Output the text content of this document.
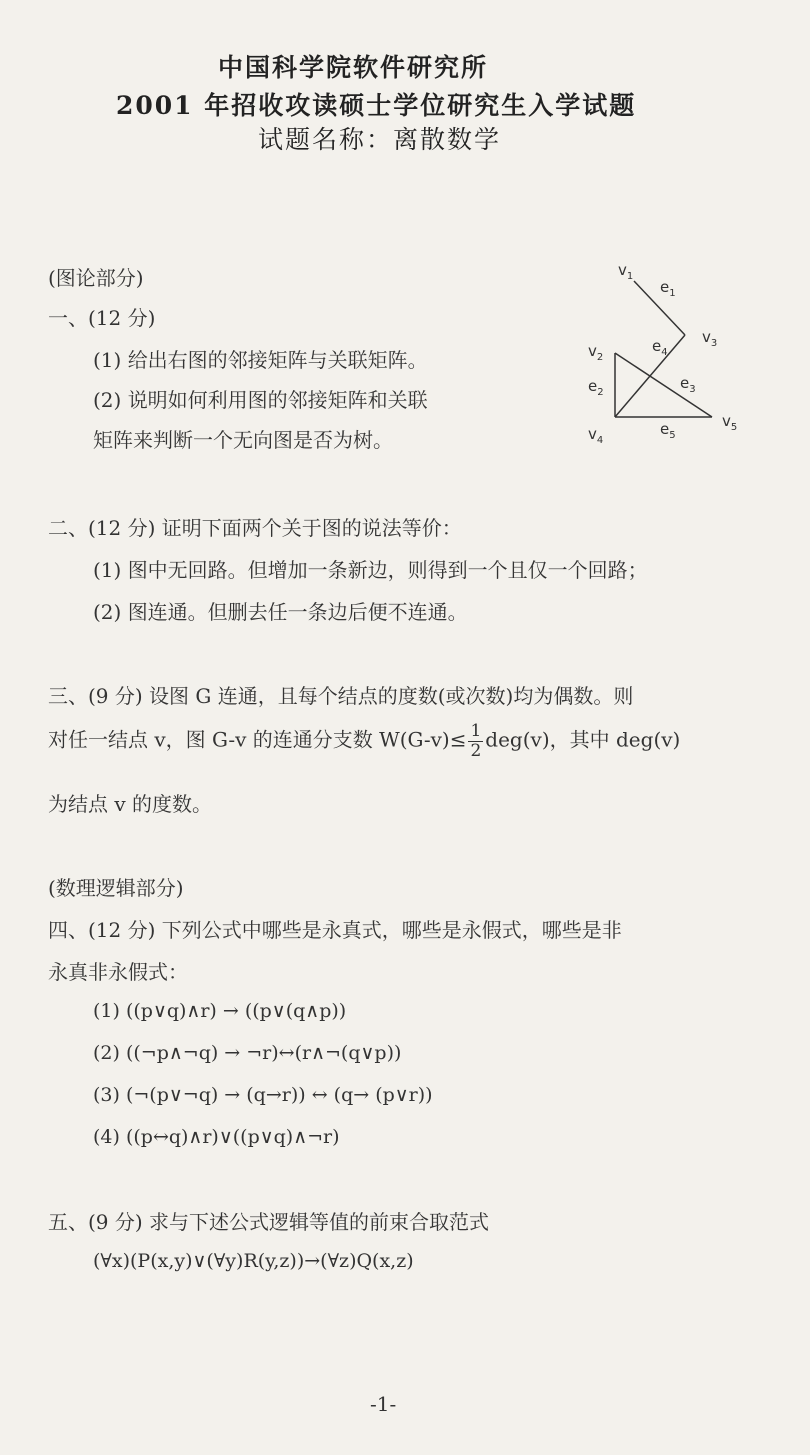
中国科学院软件研究所
2001 年招收攻读硕士学位研究生入学试题
试题名称：离散数学
(图论部分)
一、(12 分)
(1) 给出右图的邻接矩阵与关联矩阵。
(2) 说明如何利用图的邻接矩阵和关联
矩阵来判断一个无向图是否为树。
$v_1$
$v_2$
$v_3$
$v_4$
$v_5$
$e_1$
$e_2$
$e_3$
$e_4$
$e_5$
二、(12 分) 证明下面两个关于图的说法等价：
(1) 图中无回路。但增加一条新边，则得到一个且仅一个回路；
(2) 图连通。但删去任一条边后便不连通。
三、(9 分) 设图 G 连通，且每个结点的度数(或次数)均为偶数。则
对任一结点 v，图 G-v 的连通分支数 $W(G-v)\le \frac{1}{2} deg(v)$，其中 deg(v)
为结点 v 的度数。
(数理逻辑部分)
四、(12 分) 下列公式中哪些是永真式，哪些是永假式，哪些是非
永真非永假式：
(1) ((p∨q)∧r) → ((p∨(q∧p))
(2) ((¬p∧¬q) → ¬r)↔(r∧¬(q∨p))
(3) (¬(p∨¬q) → (q→r)) ↔ (q→ (p∨r))
(4) ((p↔q)∧r)∨((p∨q)∧¬r)
五、(9 分) 求与下述公式逻辑等值的前束合取范式
(∀x)(P(x,y)∨(∀y)R(y,z))→(∀z)Q(x,z)
-1-
